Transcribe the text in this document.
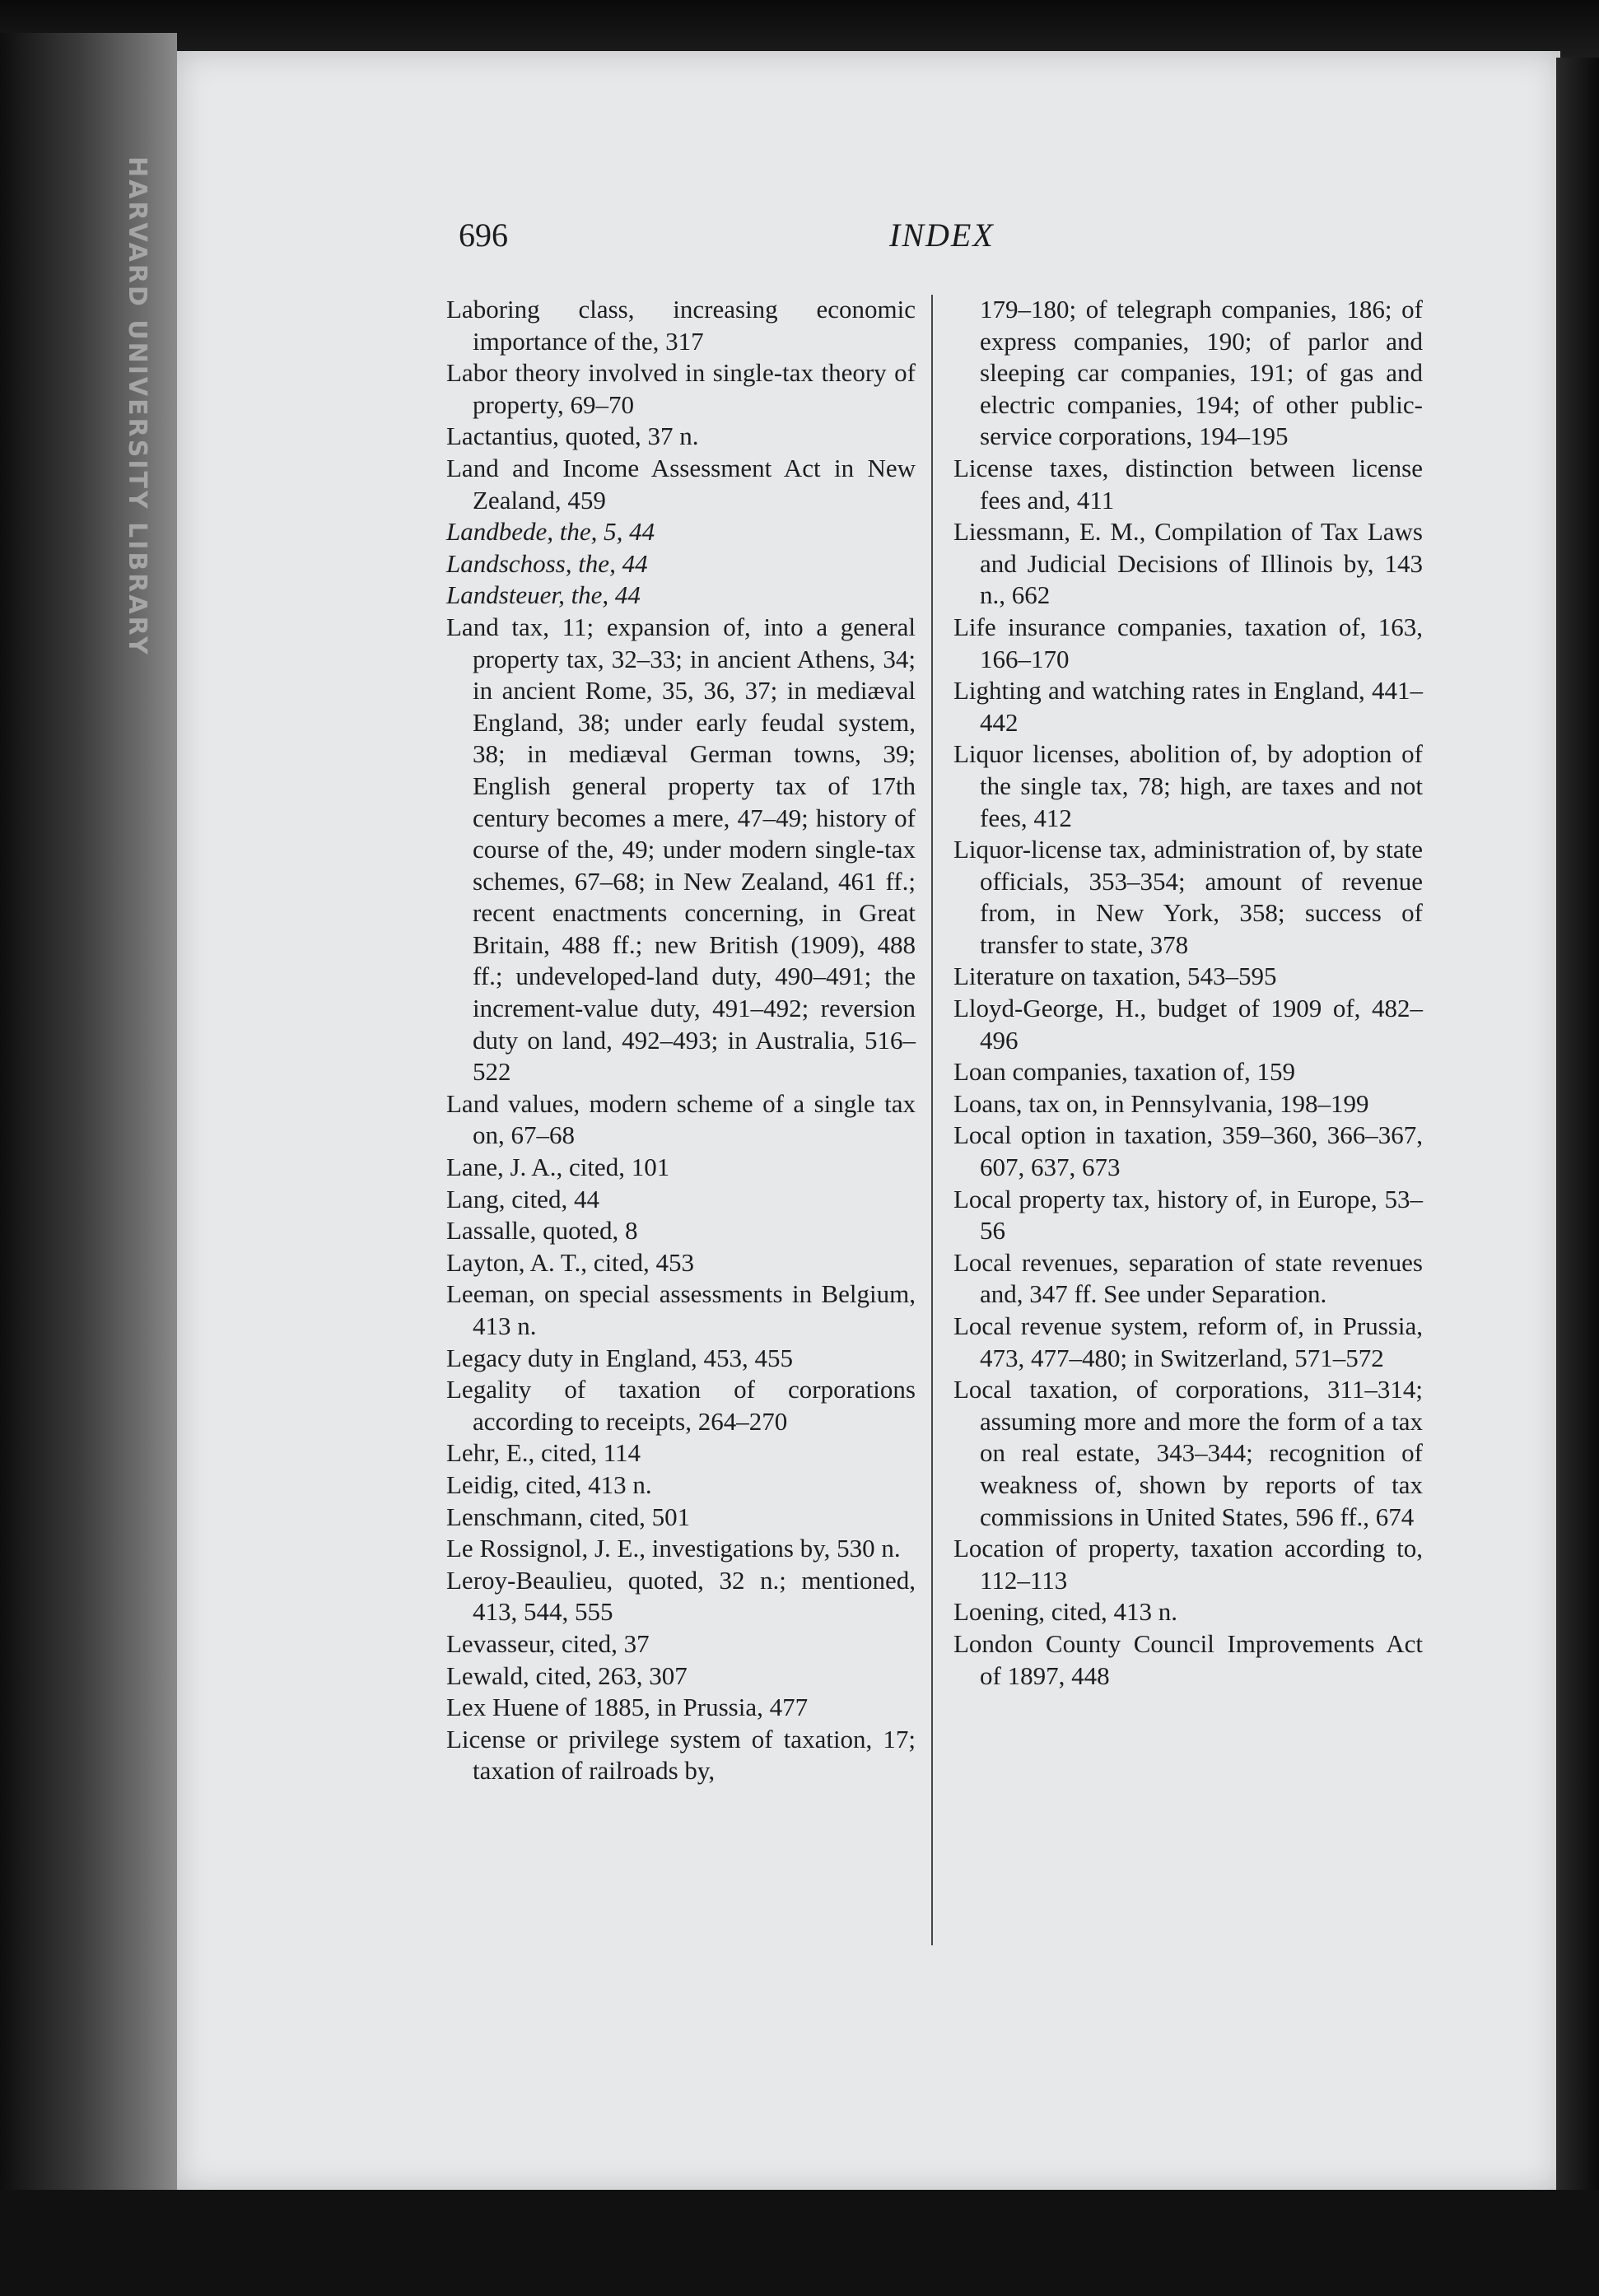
HARVARD UNIVERSITY LIBRARY	696	INDEX
Laboring class, increasing economic importance of the, 317
Labor theory involved in single-tax theory of property, 69–70
Lactantius, quoted, 37 n.
Land and Income Assessment Act in New Zealand, 459
Landbede, the, 5, 44
Landschoss, the, 44
Landsteuer, the, 44
Land tax, 11; expansion of, into a general property tax, 32–33; in ancient Athens, 34; in ancient Rome, 35, 36, 37; in mediæval England, 38; under early feudal system, 38; in mediæval German towns, 39; English general property tax of 17th century becomes a mere, 47–49; history of course of the, 49; under modern single-tax schemes, 67–68; in New Zealand, 461 ff.; recent enactments concerning, in Great Britain, 488 ff.; new British (1909), 488 ff.; undeveloped-land duty, 490–491; the increment-value duty, 491–492; reversion duty on land, 492–493; in Australia, 516–522
Land values, modern scheme of a single tax on, 67–68
Lane, J. A., cited, 101
Lang, cited, 44
Lassalle, quoted, 8
Layton, A. T., cited, 453
Leeman, on special assessments in Belgium, 413 n.
Legacy duty in England, 453, 455
Legality of taxation of corporations according to receipts, 264–270
Lehr, E., cited, 114
Leidig, cited, 413 n.
Lenschmann, cited, 501
Le Rossignol, J. E., investigations by, 530 n.
Leroy-Beaulieu, quoted, 32 n.; mentioned, 413, 544, 555
Levasseur, cited, 37
Lewald, cited, 263, 307
Lex Huene of 1885, in Prussia, 477
License or privilege system of taxation, 17; taxation of railroads by,
179–180; of telegraph companies, 186; of express companies, 190; of parlor and sleeping car companies, 191; of gas and electric companies, 194; of other public-service corporations, 194–195
License taxes, distinction between license fees and, 411
Liessmann, E. M., Compilation of Tax Laws and Judicial Decisions of Illinois by, 143 n., 662
Life insurance companies, taxation of, 163, 166–170
Lighting and watching rates in England, 441–442
Liquor licenses, abolition of, by adoption of the single tax, 78; high, are taxes and not fees, 412
Liquor-license tax, administration of, by state officials, 353–354; amount of revenue from, in New York, 358; success of transfer to state, 378
Literature on taxation, 543–595
Lloyd-George, H., budget of 1909 of, 482–496
Loan companies, taxation of, 159
Loans, tax on, in Pennsylvania, 198–199
Local option in taxation, 359–360, 366–367, 607, 637, 673
Local property tax, history of, in Europe, 53–56
Local revenues, separation of state revenues and, 347 ff. See under Separation.
Local revenue system, reform of, in Prussia, 473, 477–480; in Switzerland, 571–572
Local taxation, of corporations, 311–314; assuming more and more the form of a tax on real estate, 343–344; recognition of weakness of, shown by reports of tax commissions in United States, 596 ff., 674
Location of property, taxation according to, 112–113
Loening, cited, 413 n.
London County Council Improvements Act of 1897, 448
